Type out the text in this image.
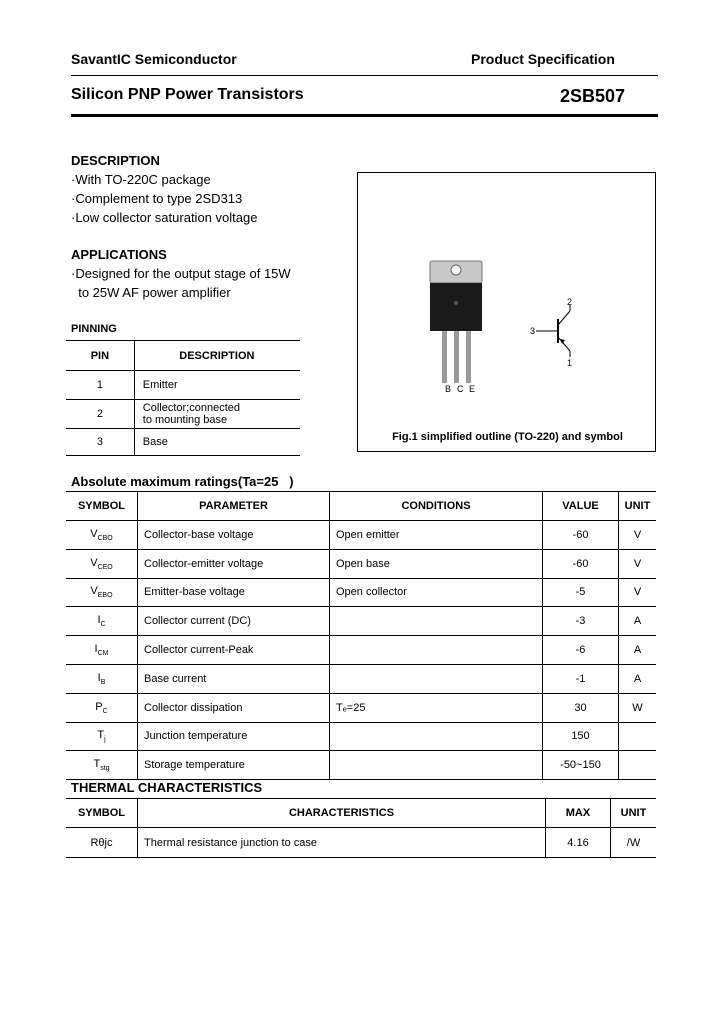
SavantIC Semiconductor	Product Specification
Silicon PNP Power Transistors	2SB507
DESCRIPTION
·With TO-220C package
·Complement to type 2SD313
·Low collector saturation voltage
APPLICATIONS
·Designed for the output stage of 15W
to 25W AF power amplifier
PINNING
PIN	DESCRIPTION
1	Emitter
2	Collector;connected to mounting base
3	Base
B C E
2
3
1
Fig.1 simplified outline (TO-220) and symbol
Absolute maximum ratings(Ta=25   )
SYMBOL	PARAMETER	CONDITIONS	VALUE	UNIT
$V_{CBO}$	Collector-base voltage	Open emitter	-60	V
$V_{CEO}$	Collector-emitter voltage	Open base	-60	V
$V_{EBO}$	Emitter-base voltage	Open collector	-5	V
$I_C$	Collector current (DC)		-3	A
$I_{CM}$	Collector current-Peak		-6	A
$I_B$	Base current		-1	A
$P_C$	Collector dissipation	Tₑ=25	30	W
$T_j$	Junction temperature		150	
$T_{stg}$	Storage temperature		-50~150	
THERMAL CHARACTERISTICS
SYMBOL	CHARACTERISTICS	MAX	UNIT
Rθjc	Thermal resistance junction to case	4.16	/W
